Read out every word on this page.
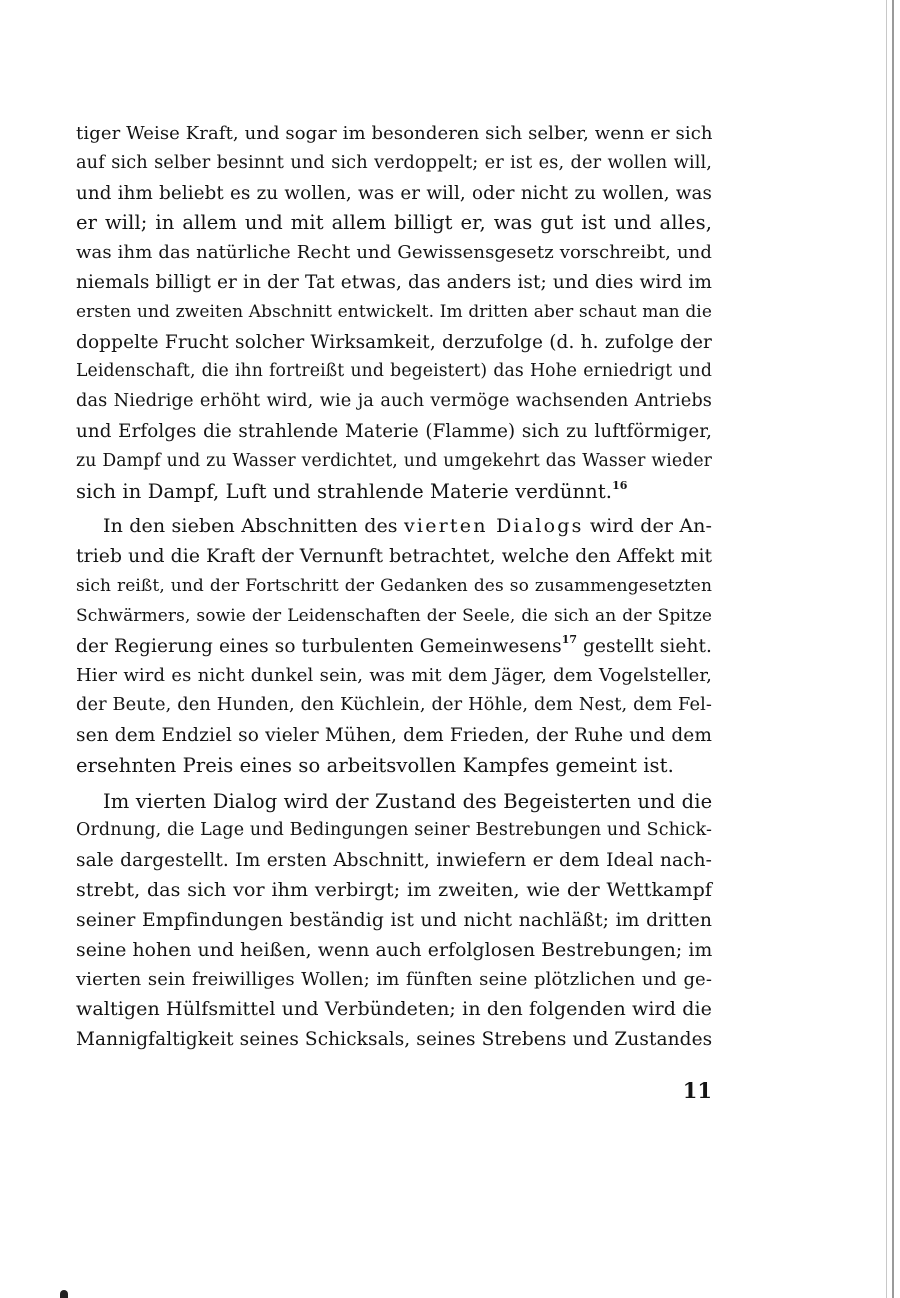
tiger Weise Kraft, und sogar im besonderen sich selber, wenn er sich
auf sich selber besinnt und sich verdoppelt; er ist es, der wollen will,
und ihm beliebt es zu wollen, was er will, oder nicht zu wollen, was
er will; in allem und mit allem billigt er, was gut ist und alles,
was ihm das natürliche Recht und Gewissensgesetz vorschreibt, und
niemals billigt er in der Tat etwas, das anders ist; und dies wird im
ersten und zweiten Abschnitt entwickelt. Im dritten aber schaut man die
doppelte Frucht solcher Wirksamkeit, derzufolge (d. h. zufolge der
Leidenschaft, die ihn fortreißt und begeistert) das Hohe erniedrigt und
das Niedrige erhöht wird, wie ja auch vermöge wachsenden Antriebs
und Erfolges die strahlende Materie (Flamme) sich zu luftförmiger,
zu Dampf und zu Wasser verdichtet, und umgekehrt das Wasser wieder
sich in Dampf, Luft und strahlende Materie verdünnt.$^{16}$
In den sieben Abschnitten des vierten Dialogs wird der An-
trieb und die Kraft der Vernunft betrachtet, welche den Affekt mit
sich reißt, und der Fortschritt der Gedanken des so zusammengesetzten
Schwärmers, sowie der Leidenschaften der Seele, die sich an der Spitze
der Regierung eines so turbulenten Gemeinwesens$^{17}$ gestellt sieht.
Hier wird es nicht dunkel sein, was mit dem Jäger, dem Vogelsteller,
der Beute, den Hunden, den Küchlein, der Höhle, dem Nest, dem Fel-
sen dem Endziel so vieler Mühen, dem Frieden, der Ruhe und dem
ersehnten Preis eines so arbeitsvollen Kampfes gemeint ist.
Im vierten Dialog wird der Zustand des Begeisterten und die
Ordnung, die Lage und Bedingungen seiner Bestrebungen und Schick-
sale dargestellt. Im ersten Abschnitt, inwiefern er dem Ideal nach-
strebt, das sich vor ihm verbirgt; im zweiten, wie der Wettkampf
seiner Empfindungen beständig ist und nicht nachläßt; im dritten
seine hohen und heißen, wenn auch erfolglosen Bestrebungen; im
vierten sein freiwilliges Wollen; im fünften seine plötzlichen und ge-
waltigen Hülfsmittel und Verbündeten; in den folgenden wird die
Mannigfaltigkeit seines Schicksals, seines Strebens und Zustandes
11
